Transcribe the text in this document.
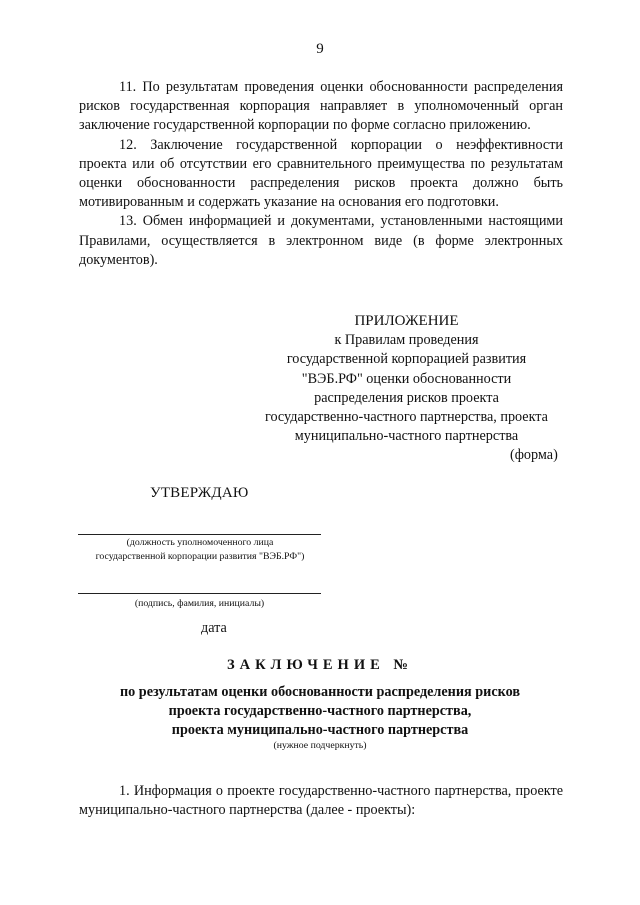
9

11. По результатам проведения оценки обоснованности распределения рисков государственная корпорация направляет в уполномоченный орган заключение государственной корпорации по форме согласно приложению.

12. Заключение государственной корпорации о неэффективности проекта или об отсутствии его сравнительного преимущества по результатам оценки обоснованности распределения рисков проекта должно быть мотивированным и содержать указание на основания его подготовки.

13. Обмен информацией и документами, установленными настоящими Правилами, осуществляется в электронном виде (в форме электронных документов).

ПРИЛОЖЕНИЕ
к Правилам проведения
государственной корпорацией развития
"ВЭБ.РФ" оценки обоснованности
распределения рисков проекта
государственно-частного партнерства, проекта
муниципально-частного партнерства
(форма)
УТВЕРЖДАЮ
(должность уполномоченного лица
государственной корпорации развития "ВЭБ.РФ")
(подпись, фамилия, инициалы)
дата
ЗАКЛЮЧЕНИЕ №
по результатам оценки обоснованности распределения рисков
проекта государственно-частного партнерства,
проекта муниципально-частного партнерства
(нужное подчеркнуть)

1. Информация о проекте государственно-частного партнерства, проекте муниципально-частного партнерства (далее - проекты):
